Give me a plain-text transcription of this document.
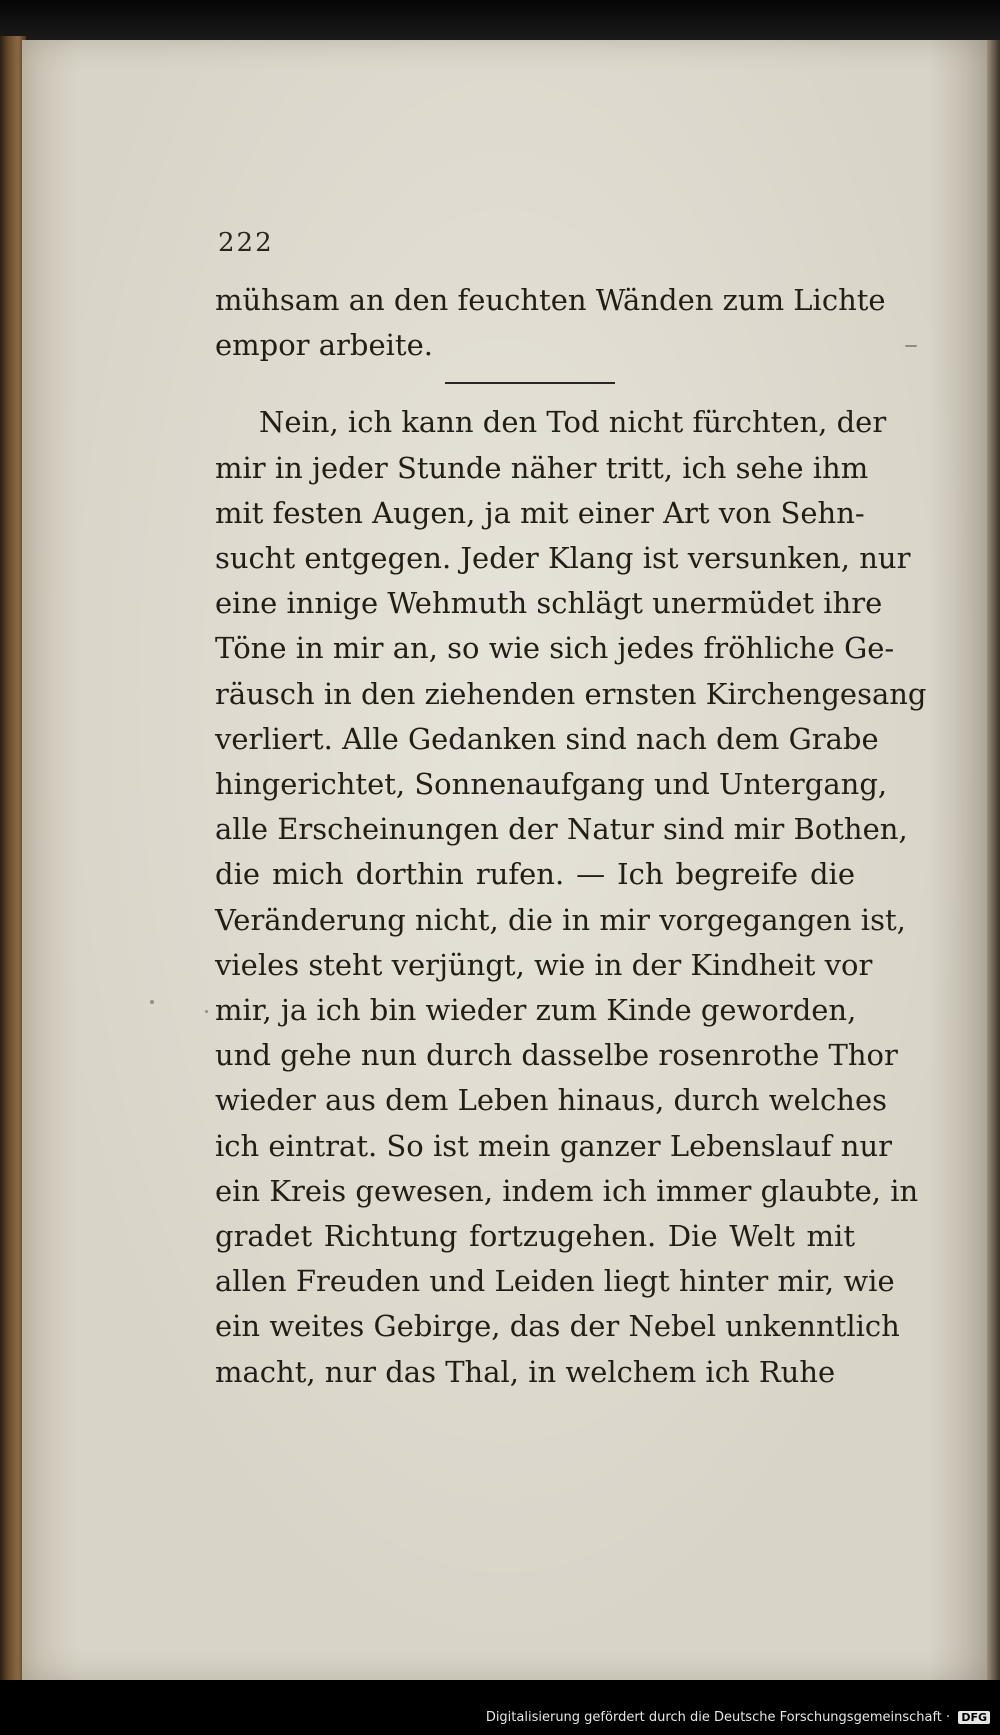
222
mühsam an den feuchten Wänden zum Lichte
empor arbeite.
Nein, ich kann den Tod nicht fürchten, der
mir in jeder Stunde näher tritt, ich sehe ihm
mit festen Augen, ja mit einer Art von Sehn-
sucht entgegen. Jeder Klang ist versunken, nur
eine innige Wehmuth schlägt unermüdet ihre
Töne in mir an, so wie sich jedes fröhliche Ge-
räusch in den ziehenden ernsten Kirchengesang
verliert. Alle Gedanken sind nach dem Grabe
hingerichtet, Sonnenaufgang und Untergang,
alle Erscheinungen der Natur sind mir Bothen,
die mich dorthin rufen. — Ich begreife die
Veränderung nicht, die in mir vorgegangen ist,
vieles steht verjüngt, wie in der Kindheit vor
mir, ja ich bin wieder zum Kinde geworden,
und gehe nun durch dasselbe rosenrothe Thor
wieder aus dem Leben hinaus, durch welches
ich eintrat. So ist mein ganzer Lebenslauf nur
ein Kreis gewesen, indem ich immer glaubte, in
gradet Richtung fortzugehen. Die Welt mit
allen Freuden und Leiden liegt hinter mir, wie
ein weites Gebirge, das der Nebel unkenntlich
macht, nur das Thal, in welchem ich Ruhe
Digitalisierung gefördert durch die Deutsche Forschungsgemeinschaft · DFG
